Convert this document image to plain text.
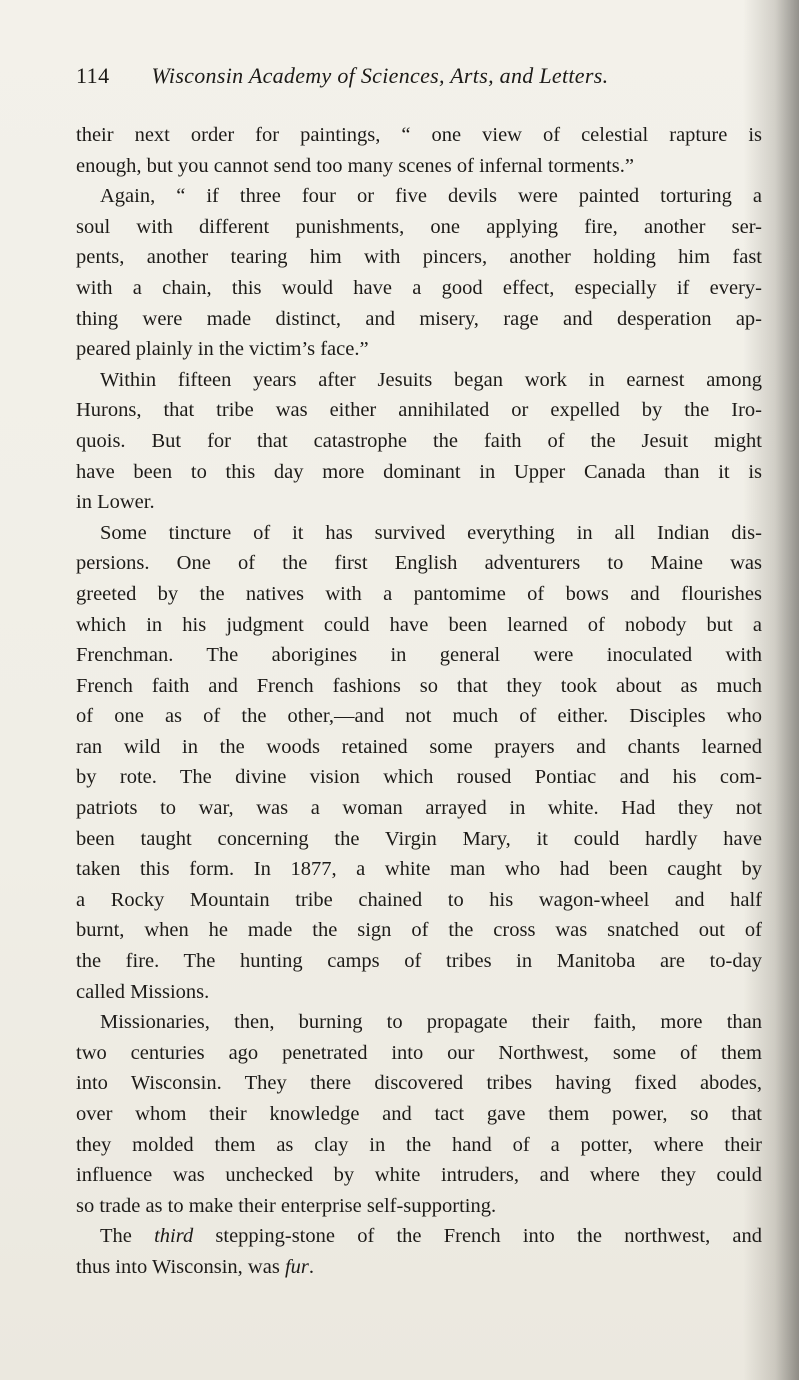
114 Wisconsin Academy of Sciences, Arts, and Letters.
their next order for paintings, “ one view of celestial rapture is
enough, but you cannot send too many scenes of infernal torments.”
Again, “ if three four or five devils were painted torturing a
soul with different punishments, one applying fire, another ser-
pents, another tearing him with pincers, another holding him fast
with a chain, this would have a good effect, especially if every-
thing were made distinct, and misery, rage and desperation ap-
peared plainly in the victim’s face.”
Within fifteen years after Jesuits began work in earnest among
Hurons, that tribe was either annihilated or expelled by the Iro-
quois. But for that catastrophe the faith of the Jesuit might
have been to this day more dominant in Upper Canada than it is
in Lower.
Some tincture of it has survived everything in all Indian dis-
persions. One of the first English adventurers to Maine was
greeted by the natives with a pantomime of bows and flourishes
which in his judgment could have been learned of nobody but a
Frenchman. The aborigines in general were inoculated with
French faith and French fashions so that they took about as much
of one as of the other,—and not much of either. Disciples who
ran wild in the woods retained some prayers and chants learned
by rote. The divine vision which roused Pontiac and his com-
patriots to war, was a woman arrayed in white. Had they not
been taught concerning the Virgin Mary, it could hardly have
taken this form. In 1877, a white man who had been caught by
a Rocky Mountain tribe chained to his wagon-wheel and half
burnt, when he made the sign of the cross was snatched out of
the fire. The hunting camps of tribes in Manitoba are to-day
called Missions.
Missionaries, then, burning to propagate their faith, more than
two centuries ago penetrated into our Northwest, some of them
into Wisconsin. They there discovered tribes having fixed abodes,
over whom their knowledge and tact gave them power, so that
they molded them as clay in the hand of a potter, where their
influence was unchecked by white intruders, and where they could
so trade as to make their enterprise self-supporting.
The third stepping-stone of the French into the northwest, and
thus into Wisconsin, was fur.
